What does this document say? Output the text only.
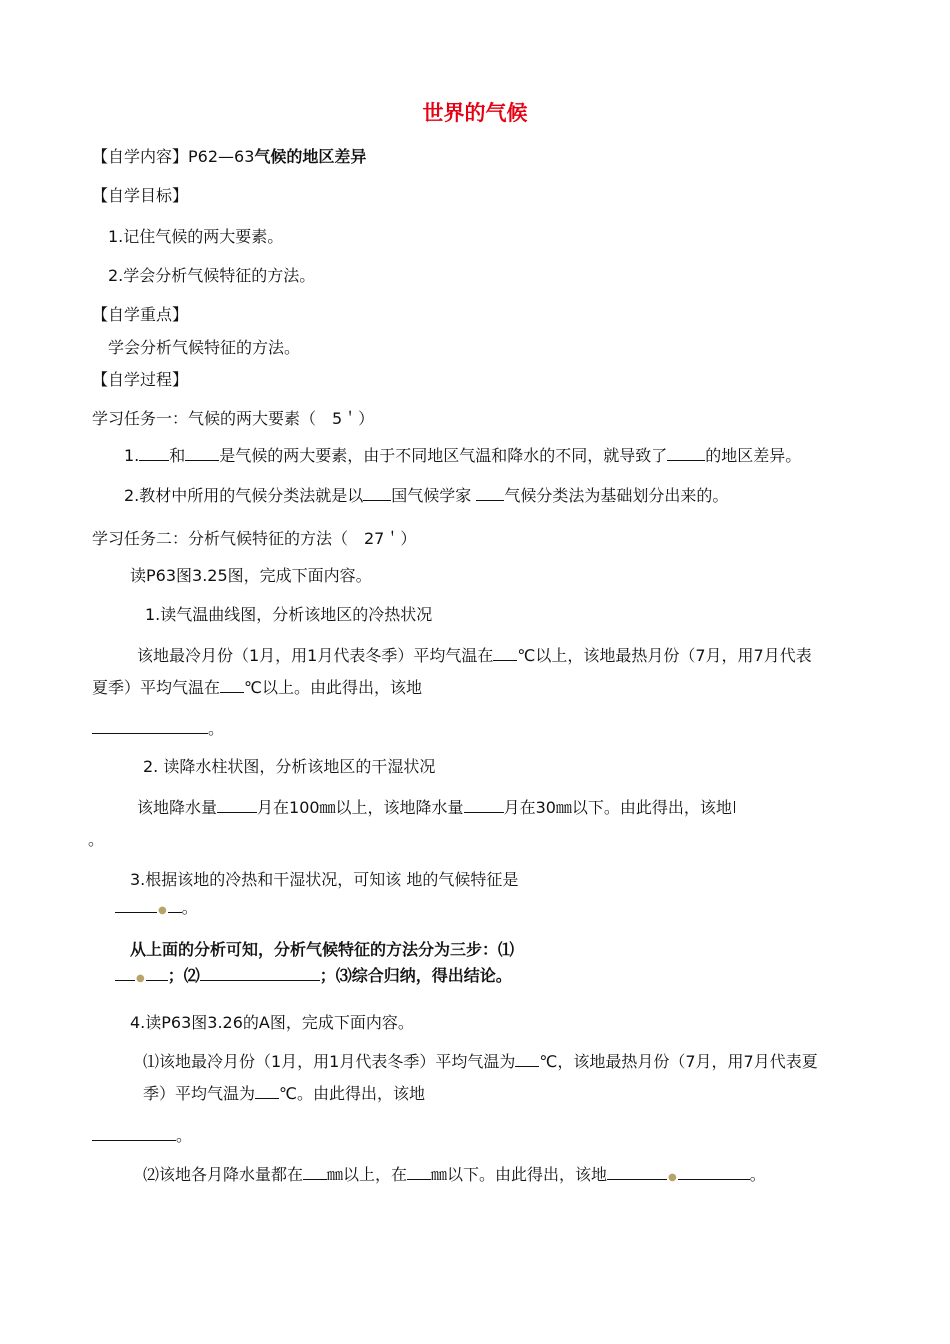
世界的气候
【自学内容】P62—63气候的地区差异
【自学目标】
1.记住气候的两大要素。
2.学会分析气候特征的方法。
【自学重点】
学会分析气候特征的方法。
【自学过程】
学习任务一：气候的两大要素（　5＇）
1. 和 是气候的两大要素，由于不同地区气温和降水的不同，就导致了 的地区差异。
2.教材中所用的气候分类法就是以 国气候学家 气候分类法为基础划分出来的。
学习任务二：分析气候特征的方法（　27＇）
读P63图3.25图，完成下面内容。
1.读气温曲线图，分析该地区的冷热状况
该地最冷月份（1月，用1月代表冬季）平均气温在 ℃以上，该地最热月份（7月，用7月代表
夏季）平均气温在 ℃以上。由此得出，该地
。
2. 读降水柱状图，分析该地区的干湿状况
该地降水量	月在100㎜以上，该地降水量	月在30㎜以下。由此得出，该地
。
3.根据该地的冷热和干湿状况，可知该 地的气候特征是
● 。
从上面的分析可知，分析气候特征的方法分为三步：⑴
● ；⑵	；⑶综合归纳，得出结论。
4.读P63图3.26的A图，完成下面内容。
⑴该地最冷月份（1月，用1月代表冬季）平均气温为 ℃，该地最热月份（7月，用7月代表夏
季）平均气温为 ℃。由此得出，该地
。
⑵该地各月降水量都在 ㎜以上，在 ㎜以下。由此得出，该地	●	。
